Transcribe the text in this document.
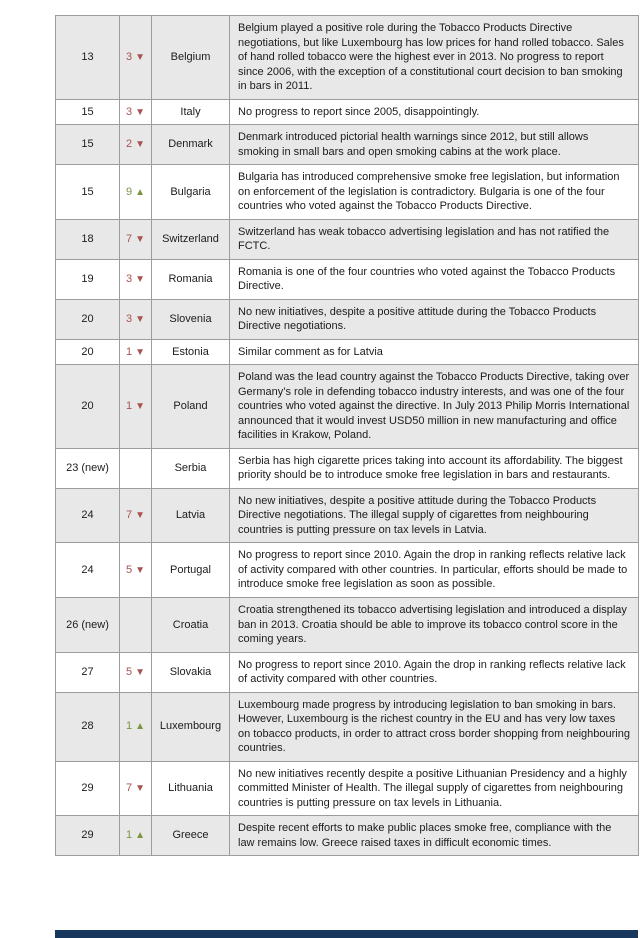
13	3 ▼	Belgium	Belgium played a positive role during the Tobacco Products Directive negotiations, but like Luxembourg has low prices for hand rolled tobacco. Sales of hand rolled tobacco were the highest ever in 2013. No progress to report since 2006, with the exception of a constitutional court decision to ban smoking in bars in 2011.
15	3 ▼	Italy	No progress to report since 2005, disappointingly.
15	2 ▼	Denmark	Denmark introduced pictorial health warnings since 2012, but still allows smoking in small bars and open smoking cabins at the work place.
15	9 ▲	Bulgaria	Bulgaria has introduced comprehensive smoke free legislation, but information on enforcement of the legislation is contradictory. Bulgaria is one of the four countries who voted against the Tobacco Products Directive.
18	7 ▼	Switzerland	Switzerland has weak tobacco advertising legislation and has not ratified the FCTC.
19	3 ▼	Romania	Romania is one of the four countries who voted against the Tobacco Products Directive.
20	3 ▼	Slovenia	No new initiatives, despite a positive attitude during the Tobacco Products Directive negotiations.
20	1 ▼	Estonia	Similar comment as for Latvia
20	1 ▼	Poland	Poland was the lead country against the Tobacco Products Directive, taking over Germany’s role in defending tobacco industry interests, and was one of the four countries who voted against the directive. In July 2013 Philip Morris International announced that it would invest USD50 million in new manufacturing and office facilities in Krakow, Poland.
23 (new)		Serbia	Serbia has high cigarette prices taking into account its affordability. The biggest priority should be to introduce smoke free legislation in bars and restaurants.
24	7 ▼	Latvia	No new initiatives, despite a positive attitude during the Tobacco Products Directive negotiations. The illegal supply of cigarettes from neighbouring countries is putting pressure on tax levels in Latvia.
24	5 ▼	Portugal	No progress to report since 2010. Again the drop in ranking reflects relative lack of activity compared with other countries. In particular, efforts should be made to introduce smoke free legislation as soon as possible.
26 (new)		Croatia	Croatia strengthened its tobacco advertising legislation and introduced a display ban in 2013. Croatia should be able to improve its tobacco control score in the coming years.
27	5 ▼	Slovakia	No progress to report since 2010. Again the drop in ranking reflects relative lack of activity compared with other countries.
28	1 ▲	Luxembourg	Luxembourg made progress by introducing legislation to ban smoking in bars. However, Luxembourg is the richest country in the EU and has very low taxes on tobacco products, in order to attract cross border shopping from neighbouring countries.
29	7 ▼	Lithuania	No new initiatives recently despite a positive Lithuanian Presidency and a highly committed Minister of Health. The illegal supply of cigarettes from neighbouring countries is putting pressure on tax levels in Lithuania.
29	1 ▲	Greece	Despite recent efforts to make public places smoke free, compliance with the law remains low. Greece raised taxes in difficult economic times.
